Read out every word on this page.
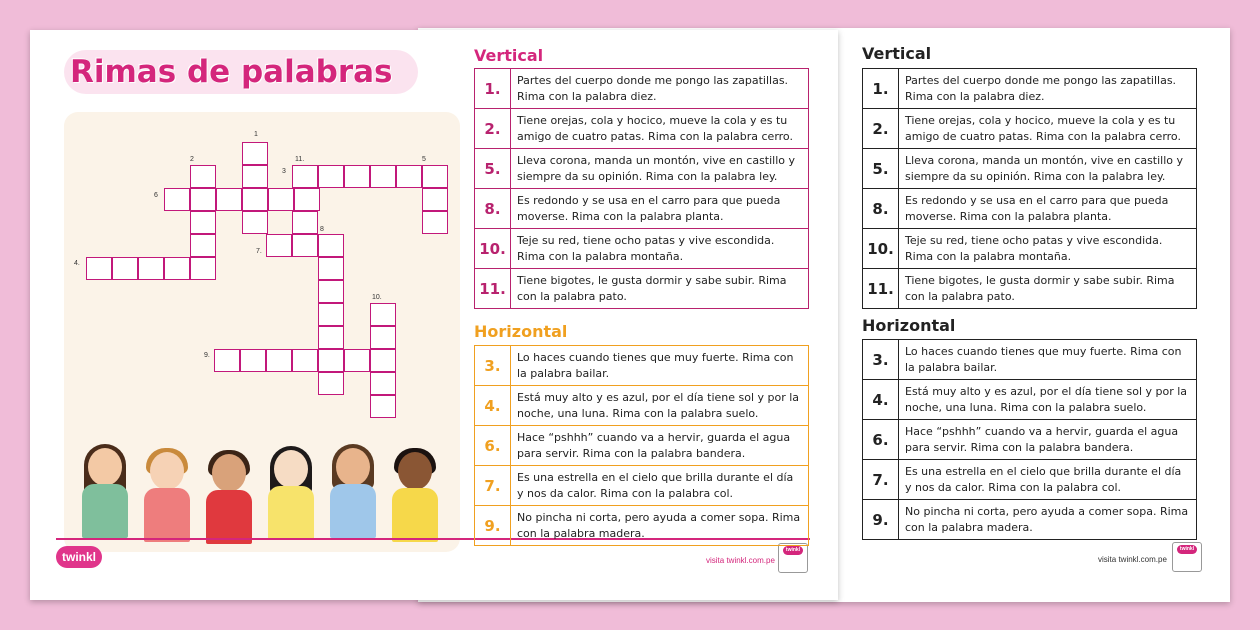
Vertical
1.	Partes del cuerpo donde me pongo las zapatillas. Rima con la palabra diez.
2.	Tiene orejas, cola y hocico, mueve la cola y es tu amigo de cuatro patas. Rima con la palabra cerro.
5.	Lleva corona, manda un montón, vive en castillo y siempre da su opinión. Rima con la palabra ley.
8.	Es redondo y se usa en el carro para que pueda moverse. Rima con la palabra planta.
10.	Teje su red, tiene ocho patas y vive escondida. Rima con la palabra montaña.
11.	Tiene bigotes, le gusta dormir y sabe subir. Rima con la palabra pato.
Horizontal
3.	Lo haces cuando tienes que muy fuerte. Rima con la palabra bailar.
4.	Está muy alto y es azul, por el día tiene sol y por la noche, una luna. Rima con la palabra suelo.
6.	Hace “pshhh” cuando va a hervir, guarda el agua para servir. Rima con la palabra bandera.
7.	Es una estrella en el cielo que brilla durante el día y nos da calor. Rima con la palabra col.
9.	No pincha ni corta, pero ayuda a comer sopa. Rima con la palabra madera.
visita twinkl.com.pe
twinkl
Rimas de palabras
1
2	11.
3
5
6
8
7.
4.
10.
9.
twinkl	visita twinkl.com.pe
twinkl
Vertical
1.	Partes del cuerpo donde me pongo las zapatillas. Rima con la palabra diez.
2.	Tiene orejas, cola y hocico, mueve la cola y es tu amigo de cuatro patas. Rima con la palabra cerro.
5.	Lleva corona, manda un montón, vive en castillo y siempre da su opinión. Rima con la palabra ley.
8.	Es redondo y se usa en el carro para que pueda moverse. Rima con la palabra planta.
10.	Teje su red, tiene ocho patas y vive escondida. Rima con la palabra montaña.
11.	Tiene bigotes, le gusta dormir y sabe subir. Rima con la palabra pato.
Horizontal
3.	Lo haces cuando tienes que muy fuerte. Rima con la palabra bailar.
4.	Está muy alto y es azul, por el día tiene sol y por la noche, una luna. Rima con la palabra suelo.
6.	Hace “pshhh” cuando va a hervir, guarda el agua para servir. Rima con la palabra bandera.
7.	Es una estrella en el cielo que brilla durante el día y nos da calor. Rima con la palabra col.
9.	No pincha ni corta, pero ayuda a comer sopa. Rima con la palabra madera.
